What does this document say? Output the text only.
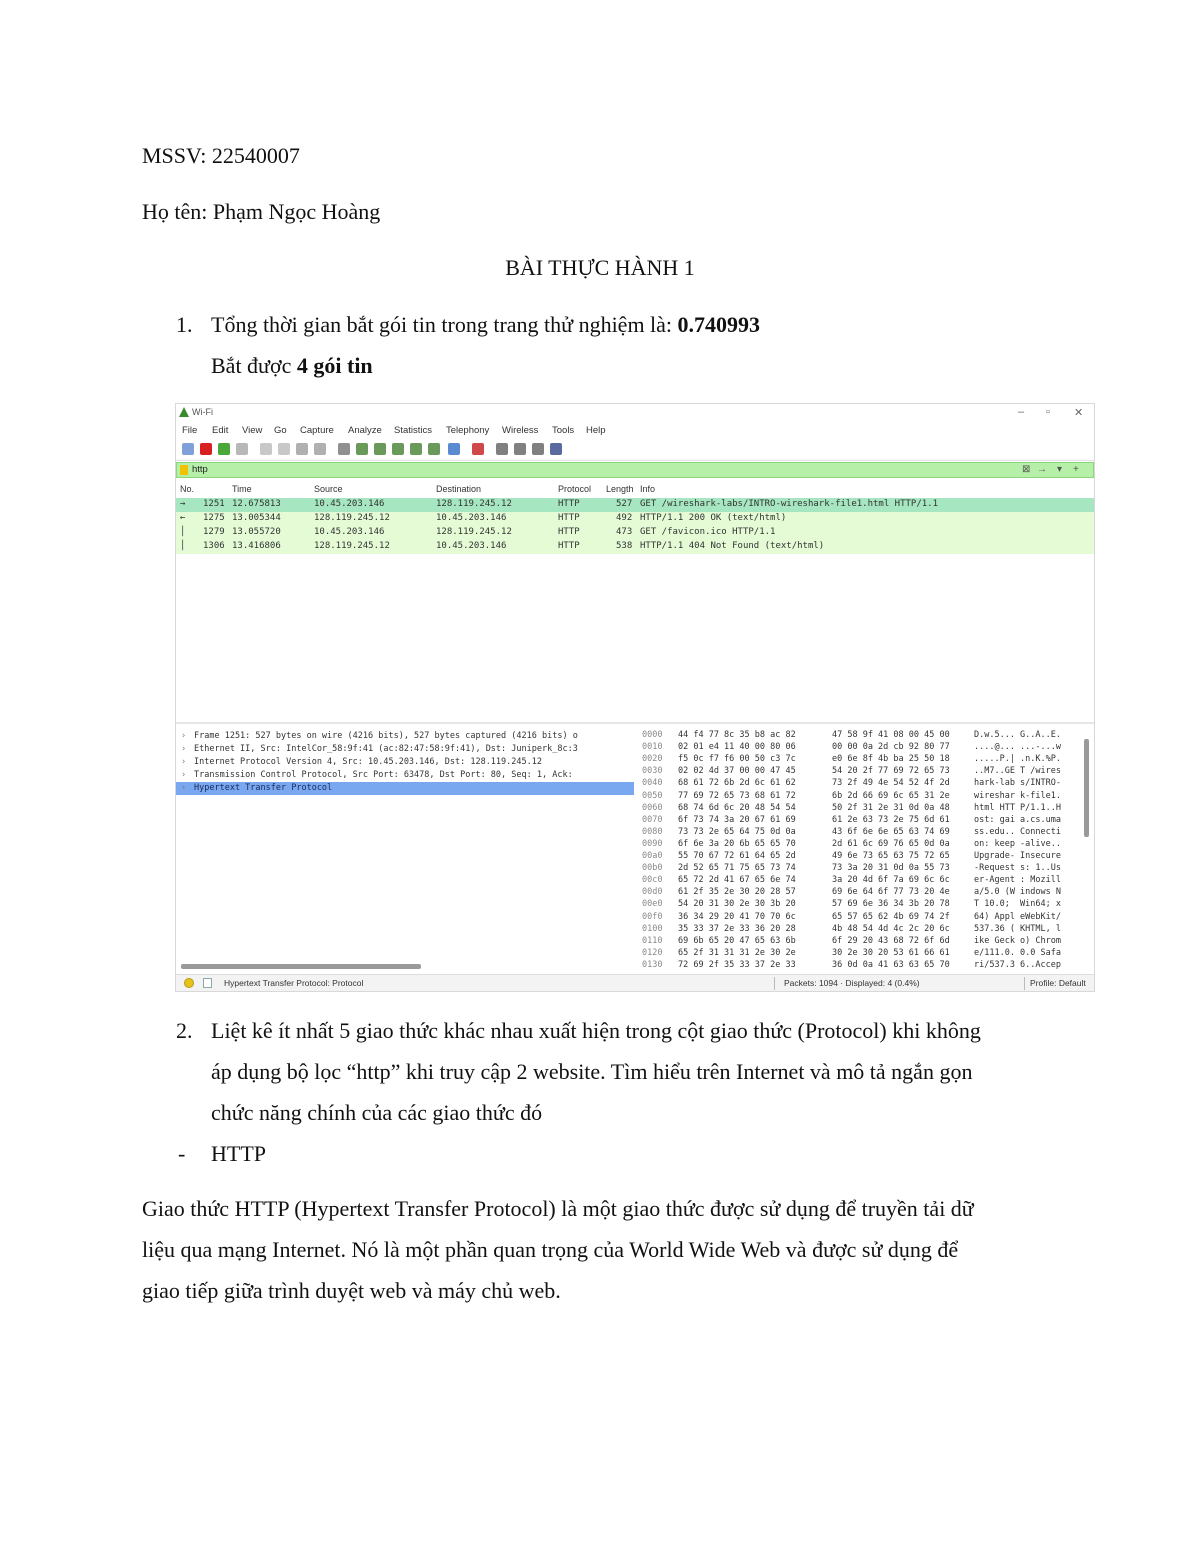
MSSV: 22540007
Họ tên: Phạm Ngọc Hoàng
BÀI THỰC HÀNH 1
1. Tổng thời gian bắt gói tin trong trang thử nghiệm là: 0.740993
Bắt được 4 gói tin
Wi-Fi	– ▫ ✕
File Edit View Go Capture Analyze Statistics Telephony Wireless Tools Help
http	⊠ → ▾ +
No.	Time	Source	Destination	Protocol Length Info
→ 1251 12.675813	10.45.203.146	128.119.245.12	HTTP	527 GET /wireshark-labs/INTRO-wireshark-file1.html HTTP/1.1
← 1275 13.005344	128.119.245.12	10.45.203.146	HTTP	492 HTTP/1.1 200 OK (text/html)
│ 1279 13.055720	10.45.203.146	128.119.245.12	HTTP	473 GET /favicon.ico HTTP/1.1
│ 1306 13.416806	128.119.245.12	10.45.203.146	HTTP	538 HTTP/1.1 404 Not Found (text/html)
› Frame 1251: 527 bytes on wire (4216 bits), 527 bytes captured (4216 bits) o
› Ethernet II, Src: IntelCor_58:9f:41 (ac:82:47:58:9f:41), Dst: Juniperk_8c:3
› Internet Protocol Version 4, Src: 10.45.203.146, Dst: 128.119.245.12
› Transmission Control Protocol, Src Port: 63478, Dst Port: 80, Seq: 1, Ack:
› Hypertext Transfer Protocol
0000 44 f4 77 8c 35 b8 ac 82	47 58 9f 41 08 00 45 00	D.w.5... G..A..E.
0010 02 01 e4 11 40 00 80 06	00 00 0a 2d cb 92 80 77	....@... ...-...w
0020 f5 0c f7 f6 00 50 c3 7c	e0 6e 8f 4b ba 25 50 18	.....P.| .n.K.%P.
0030 02 02 4d 37 00 00 47 45	54 20 2f 77 69 72 65 73	..M7..GE T /wires
0040 68 61 72 6b 2d 6c 61 62	73 2f 49 4e 54 52 4f 2d	hark-lab s/INTRO-
0050 77 69 72 65 73 68 61 72	6b 2d 66 69 6c 65 31 2e	wireshar k-file1.
0060 68 74 6d 6c 20 48 54 54	50 2f 31 2e 31 0d 0a 48	html HTT P/1.1..H
0070 6f 73 74 3a 20 67 61 69	61 2e 63 73 2e 75 6d 61	ost: gai a.cs.uma
0080 73 73 2e 65 64 75 0d 0a	43 6f 6e 6e 65 63 74 69	ss.edu.. Connecti
0090 6f 6e 3a 20 6b 65 65 70	2d 61 6c 69 76 65 0d 0a	on: keep -alive..
00a0 55 70 67 72 61 64 65 2d	49 6e 73 65 63 75 72 65	Upgrade- Insecure
00b0 2d 52 65 71 75 65 73 74	73 3a 20 31 0d 0a 55 73	-Request s: 1..Us
00c0 65 72 2d 41 67 65 6e 74	3a 20 4d 6f 7a 69 6c 6c	er-Agent : Mozill
00d0 61 2f 35 2e 30 20 28 57	69 6e 64 6f 77 73 20 4e	a/5.0 (W indows N
00e0 54 20 31 30 2e 30 3b 20	57 69 6e 36 34 3b 20 78	T 10.0;  Win64; x
00f0 36 34 29 20 41 70 70 6c	65 57 65 62 4b 69 74 2f	64) Appl eWebKit/
0100 35 33 37 2e 33 36 20 28	4b 48 54 4d 4c 2c 20 6c	537.36 ( KHTML, l
0110 69 6b 65 20 47 65 63 6b	6f 29 20 43 68 72 6f 6d	ike Geck o) Chrom
0120 65 2f 31 31 31 2e 30 2e	30 2e 30 20 53 61 66 61	e/111.0. 0.0 Safa
0130 72 69 2f 35 33 37 2e 33	36 0d 0a 41 63 63 65 70	ri/537.3 6..Accep
Hypertext Transfer Protocol: Protocol	Packets: 1094 · Displayed: 4 (0.4%)	Profile: Default
2. Liệt kê ít nhất 5 giao thức khác nhau xuất hiện trong cột giao thức (Protocol) khi không
áp dụng bộ lọc “http” khi truy cập 2 website. Tìm hiểu trên Internet và mô tả ngắn gọn
chức năng chính của các giao thức đó
- HTTP
Giao thức HTTP (Hypertext Transfer Protocol) là một giao thức được sử dụng để truyền tải dữ
liệu qua mạng Internet. Nó là một phần quan trọng của World Wide Web và được sử dụng để
giao tiếp giữa trình duyệt web và máy chủ web.
